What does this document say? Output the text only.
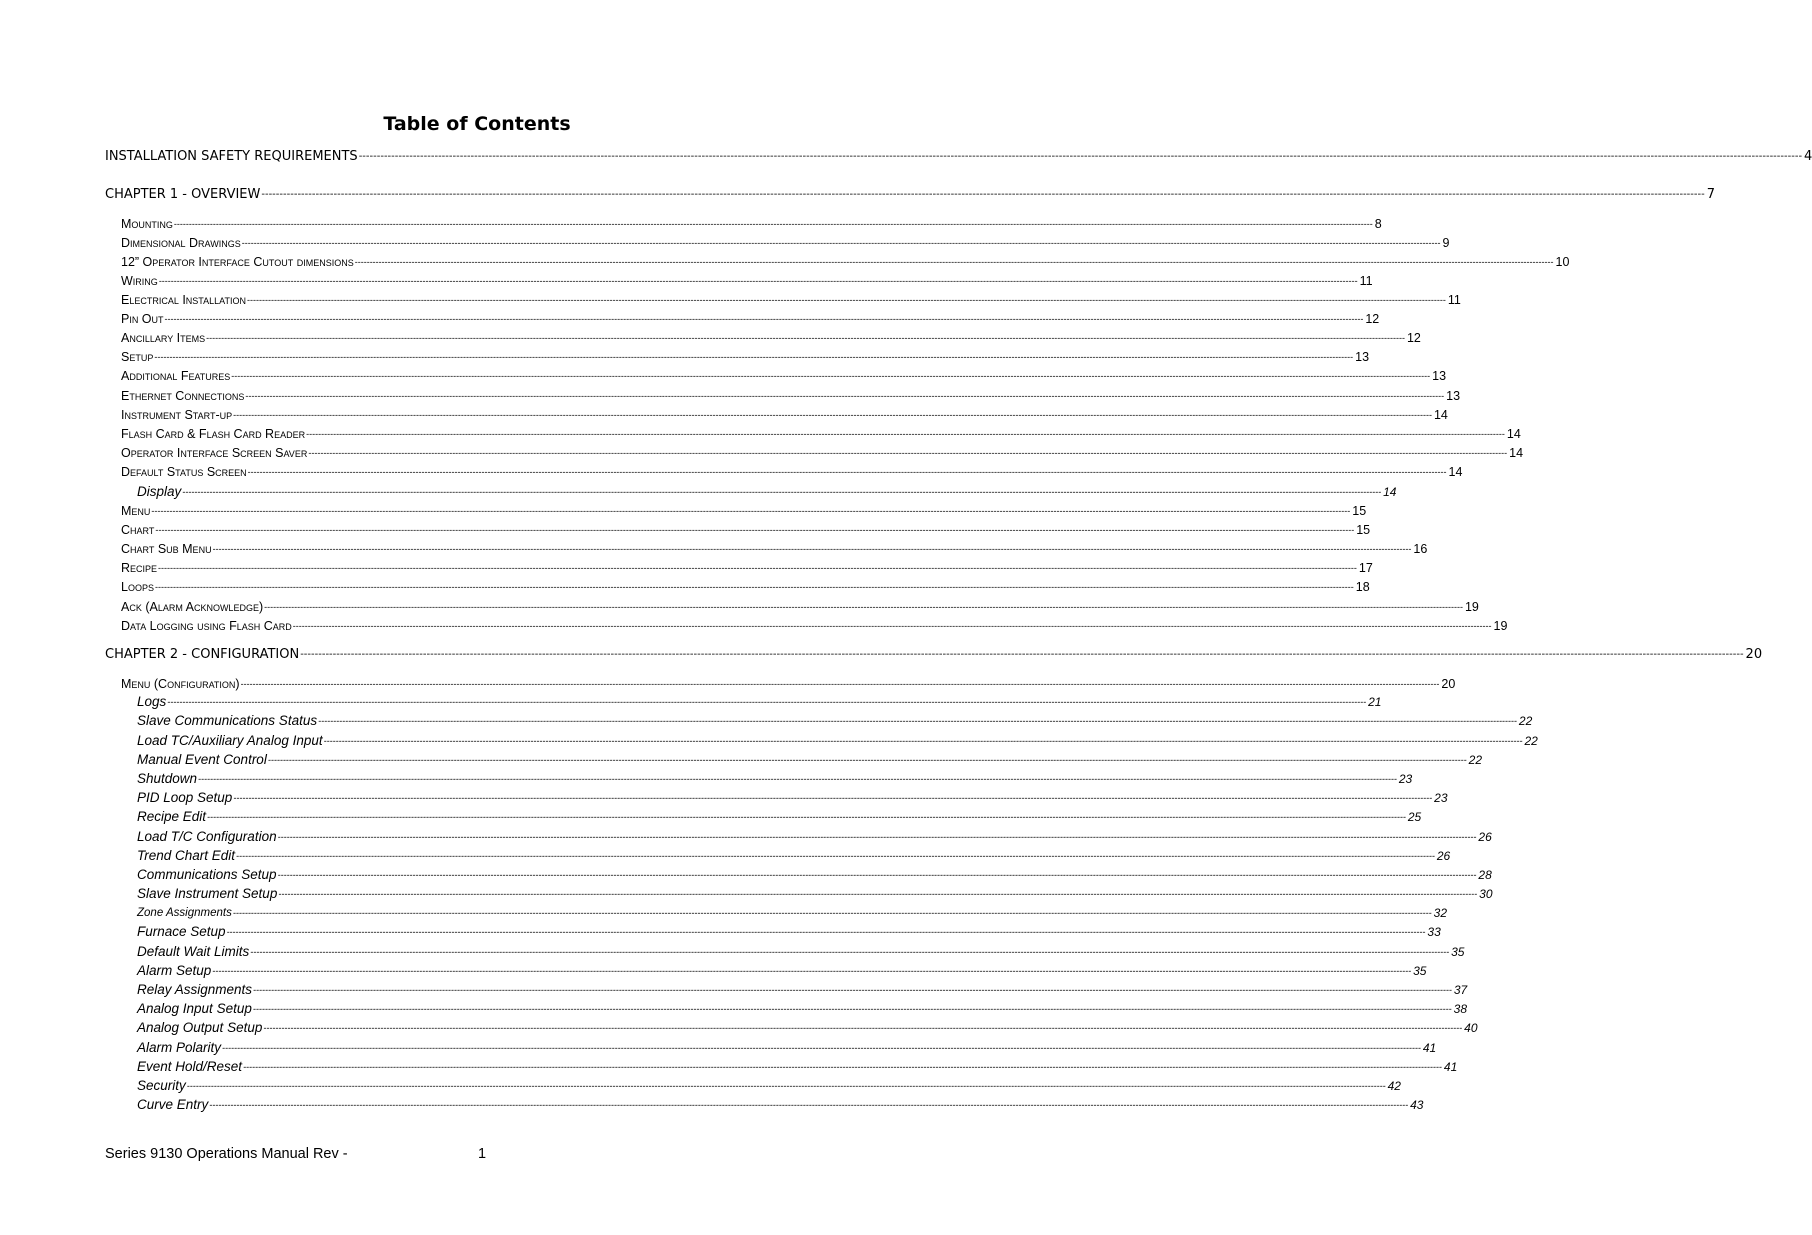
Table of Contents
INSTALLATION SAFETY REQUIREMENTS ---------------------------------------------------------------------------------------------------------------------------------------------------------------------------------------------------------------------------------------------------------------------------------------------------------------------------------------------------------------------------------------------------------------- 4
CHAPTER 1 - OVERVIEW ---------------------------------------------------------------------------------------------------------------------------------------------------------------------------------------------------------------------------------------------------------------------------------------------------------------------------------------------------------------------------------------------------------------- 7
Mounting ---------------------------------------------------------------------------------------------------------------------------------------------------------------------------------------------------------------------------------------------------------------------------------------------------------------------------------------------------------------------------------------------------------------- 8
Dimensional Drawings ---------------------------------------------------------------------------------------------------------------------------------------------------------------------------------------------------------------------------------------------------------------------------------------------------------------------------------------------------------------------------------------------------------------- 9
12” Operator Interface Cutout dimensions ---------------------------------------------------------------------------------------------------------------------------------------------------------------------------------------------------------------------------------------------------------------------------------------------------------------------------------------------------------------------------------------------------------------- 10
Wiring ---------------------------------------------------------------------------------------------------------------------------------------------------------------------------------------------------------------------------------------------------------------------------------------------------------------------------------------------------------------------------------------------------------------- 11
Electrical Installation ---------------------------------------------------------------------------------------------------------------------------------------------------------------------------------------------------------------------------------------------------------------------------------------------------------------------------------------------------------------------------------------------------------------- 11
Pin Out ---------------------------------------------------------------------------------------------------------------------------------------------------------------------------------------------------------------------------------------------------------------------------------------------------------------------------------------------------------------------------------------------------------------- 12
Ancillary Items ---------------------------------------------------------------------------------------------------------------------------------------------------------------------------------------------------------------------------------------------------------------------------------------------------------------------------------------------------------------------------------------------------------------- 12
Setup ---------------------------------------------------------------------------------------------------------------------------------------------------------------------------------------------------------------------------------------------------------------------------------------------------------------------------------------------------------------------------------------------------------------- 13
Additional Features ---------------------------------------------------------------------------------------------------------------------------------------------------------------------------------------------------------------------------------------------------------------------------------------------------------------------------------------------------------------------------------------------------------------- 13
Ethernet Connections ---------------------------------------------------------------------------------------------------------------------------------------------------------------------------------------------------------------------------------------------------------------------------------------------------------------------------------------------------------------------------------------------------------------- 13
Instrument Start-up ---------------------------------------------------------------------------------------------------------------------------------------------------------------------------------------------------------------------------------------------------------------------------------------------------------------------------------------------------------------------------------------------------------------- 14
Flash Card & Flash Card Reader ---------------------------------------------------------------------------------------------------------------------------------------------------------------------------------------------------------------------------------------------------------------------------------------------------------------------------------------------------------------------------------------------------------------- 14
Operator Interface Screen Saver ---------------------------------------------------------------------------------------------------------------------------------------------------------------------------------------------------------------------------------------------------------------------------------------------------------------------------------------------------------------------------------------------------------------- 14
Default Status Screen ---------------------------------------------------------------------------------------------------------------------------------------------------------------------------------------------------------------------------------------------------------------------------------------------------------------------------------------------------------------------------------------------------------------- 14
Display ---------------------------------------------------------------------------------------------------------------------------------------------------------------------------------------------------------------------------------------------------------------------------------------------------------------------------------------------------------------------------------------------------------------- 14
Menu ---------------------------------------------------------------------------------------------------------------------------------------------------------------------------------------------------------------------------------------------------------------------------------------------------------------------------------------------------------------------------------------------------------------- 15
Chart ---------------------------------------------------------------------------------------------------------------------------------------------------------------------------------------------------------------------------------------------------------------------------------------------------------------------------------------------------------------------------------------------------------------- 15
Chart Sub Menu ---------------------------------------------------------------------------------------------------------------------------------------------------------------------------------------------------------------------------------------------------------------------------------------------------------------------------------------------------------------------------------------------------------------- 16
Recipe ---------------------------------------------------------------------------------------------------------------------------------------------------------------------------------------------------------------------------------------------------------------------------------------------------------------------------------------------------------------------------------------------------------------- 17
Loops ---------------------------------------------------------------------------------------------------------------------------------------------------------------------------------------------------------------------------------------------------------------------------------------------------------------------------------------------------------------------------------------------------------------- 18
Ack (Alarm Acknowledge) ---------------------------------------------------------------------------------------------------------------------------------------------------------------------------------------------------------------------------------------------------------------------------------------------------------------------------------------------------------------------------------------------------------------- 19
Data Logging using Flash Card ---------------------------------------------------------------------------------------------------------------------------------------------------------------------------------------------------------------------------------------------------------------------------------------------------------------------------------------------------------------------------------------------------------------- 19
CHAPTER 2 - CONFIGURATION ---------------------------------------------------------------------------------------------------------------------------------------------------------------------------------------------------------------------------------------------------------------------------------------------------------------------------------------------------------------------------------------------------------------- 20
Menu (Configuration) ---------------------------------------------------------------------------------------------------------------------------------------------------------------------------------------------------------------------------------------------------------------------------------------------------------------------------------------------------------------------------------------------------------------- 20
Logs ---------------------------------------------------------------------------------------------------------------------------------------------------------------------------------------------------------------------------------------------------------------------------------------------------------------------------------------------------------------------------------------------------------------- 21
Slave Communications Status ---------------------------------------------------------------------------------------------------------------------------------------------------------------------------------------------------------------------------------------------------------------------------------------------------------------------------------------------------------------------------------------------------------------- 22
Load TC/Auxiliary Analog Input ---------------------------------------------------------------------------------------------------------------------------------------------------------------------------------------------------------------------------------------------------------------------------------------------------------------------------------------------------------------------------------------------------------------- 22
Manual Event Control ---------------------------------------------------------------------------------------------------------------------------------------------------------------------------------------------------------------------------------------------------------------------------------------------------------------------------------------------------------------------------------------------------------------- 22
Shutdown ---------------------------------------------------------------------------------------------------------------------------------------------------------------------------------------------------------------------------------------------------------------------------------------------------------------------------------------------------------------------------------------------------------------- 23
PID Loop Setup ---------------------------------------------------------------------------------------------------------------------------------------------------------------------------------------------------------------------------------------------------------------------------------------------------------------------------------------------------------------------------------------------------------------- 23
Recipe Edit ---------------------------------------------------------------------------------------------------------------------------------------------------------------------------------------------------------------------------------------------------------------------------------------------------------------------------------------------------------------------------------------------------------------- 25
Load T/C Configuration ---------------------------------------------------------------------------------------------------------------------------------------------------------------------------------------------------------------------------------------------------------------------------------------------------------------------------------------------------------------------------------------------------------------- 26
Trend Chart Edit ---------------------------------------------------------------------------------------------------------------------------------------------------------------------------------------------------------------------------------------------------------------------------------------------------------------------------------------------------------------------------------------------------------------- 26
Communications Setup ---------------------------------------------------------------------------------------------------------------------------------------------------------------------------------------------------------------------------------------------------------------------------------------------------------------------------------------------------------------------------------------------------------------- 28
Slave Instrument Setup ---------------------------------------------------------------------------------------------------------------------------------------------------------------------------------------------------------------------------------------------------------------------------------------------------------------------------------------------------------------------------------------------------------------- 30
Zone Assignments ---------------------------------------------------------------------------------------------------------------------------------------------------------------------------------------------------------------------------------------------------------------------------------------------------------------------------------------------------------------------------------------------------------------- 32
Furnace Setup ---------------------------------------------------------------------------------------------------------------------------------------------------------------------------------------------------------------------------------------------------------------------------------------------------------------------------------------------------------------------------------------------------------------- 33
Default Wait Limits ---------------------------------------------------------------------------------------------------------------------------------------------------------------------------------------------------------------------------------------------------------------------------------------------------------------------------------------------------------------------------------------------------------------- 35
Alarm Setup ---------------------------------------------------------------------------------------------------------------------------------------------------------------------------------------------------------------------------------------------------------------------------------------------------------------------------------------------------------------------------------------------------------------- 35
Relay Assignments ---------------------------------------------------------------------------------------------------------------------------------------------------------------------------------------------------------------------------------------------------------------------------------------------------------------------------------------------------------------------------------------------------------------- 37
Analog Input Setup ---------------------------------------------------------------------------------------------------------------------------------------------------------------------------------------------------------------------------------------------------------------------------------------------------------------------------------------------------------------------------------------------------------------- 38
Analog Output Setup ---------------------------------------------------------------------------------------------------------------------------------------------------------------------------------------------------------------------------------------------------------------------------------------------------------------------------------------------------------------------------------------------------------------- 40
Alarm Polarity ---------------------------------------------------------------------------------------------------------------------------------------------------------------------------------------------------------------------------------------------------------------------------------------------------------------------------------------------------------------------------------------------------------------- 41
Event Hold/Reset ---------------------------------------------------------------------------------------------------------------------------------------------------------------------------------------------------------------------------------------------------------------------------------------------------------------------------------------------------------------------------------------------------------------- 41
Security ---------------------------------------------------------------------------------------------------------------------------------------------------------------------------------------------------------------------------------------------------------------------------------------------------------------------------------------------------------------------------------------------------------------- 42
Curve Entry ---------------------------------------------------------------------------------------------------------------------------------------------------------------------------------------------------------------------------------------------------------------------------------------------------------------------------------------------------------------------------------------------------------------- 43
Series 9130 Operations Manual Rev -	1
